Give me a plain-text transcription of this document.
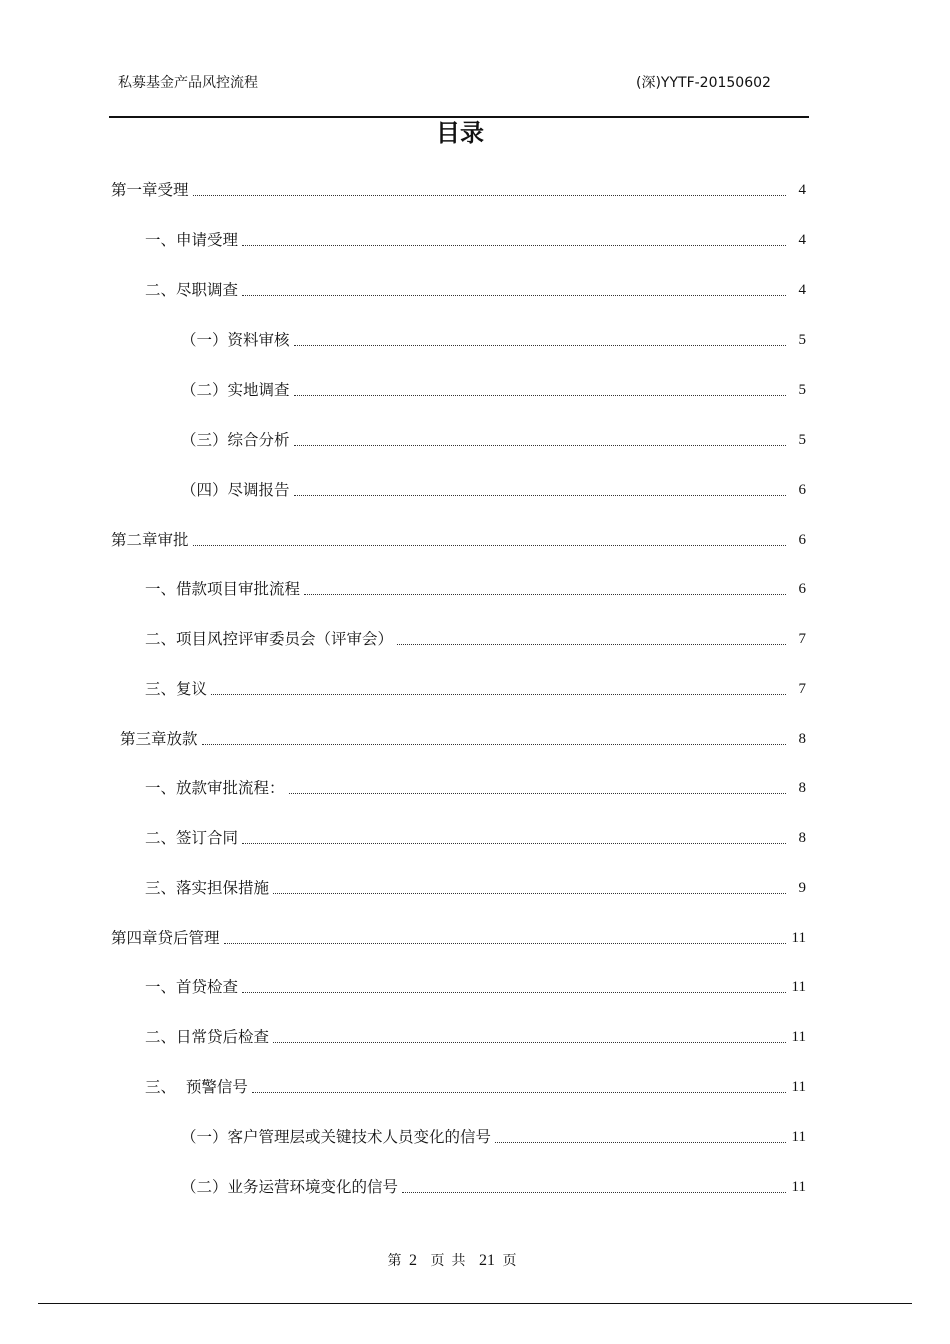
私募基金产品风控流程	(深)YYTF-20150602
目录
第一章受理	4
一、申请受理	4
二、尽职调查	4
（一）资料审核	5
（二）实地调查	5
（三）综合分析	5
（四）尽调报告	6
第二章审批	6
一、借款项目审批流程	6
二、项目风控评审委员会（评审会）	7
三、复议	7
第三章放款	8
一、放款审批流程：	8
二、签订合同	8
三、落实担保措施	9
第四章贷后管理	11
一、首贷检查	11
二、日常贷后检查	11
三、  预警信号	11
（一）客户管理层或关键技术人员变化的信号	11
（二）业务运营环境变化的信号	11
第 2 页  共 21 页
